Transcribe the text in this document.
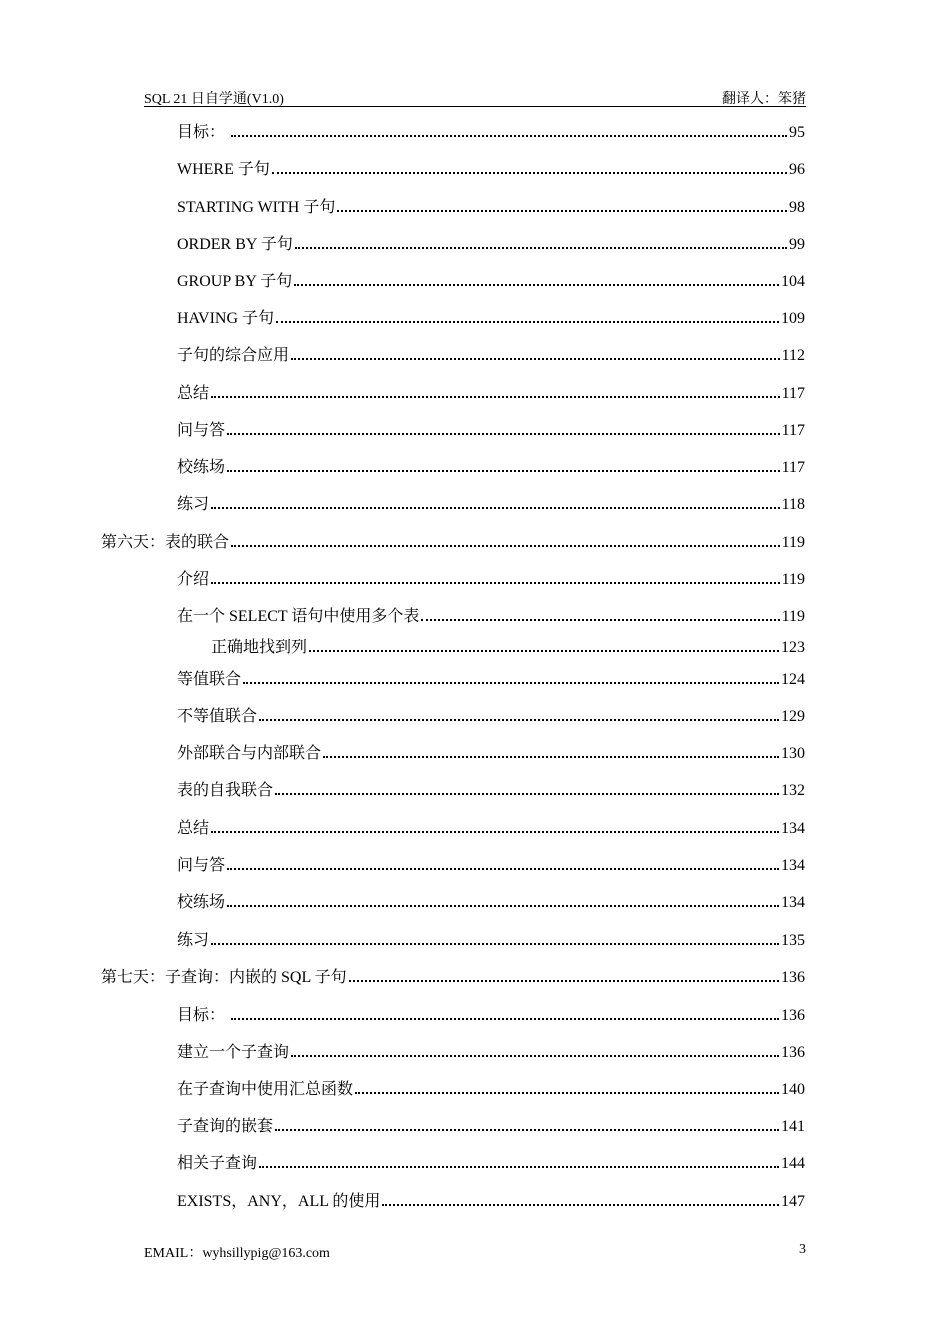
SQL 21 日自学通(V1.0)	翻译人：笨猪
目标：	95
WHERE 子句	96
STARTING WITH 子句	98
ORDER BY 子句	99
GROUP BY 子句	104
HAVING 子句	109
子句的综合应用	112
总结	117
问与答	117
校练场	117
练习	118
第六天：表的联合	119
介绍	119
在一个 SELECT 语句中使用多个表	119
正确地找到列	123
等值联合	124
不等值联合	129
外部联合与内部联合	130
表的自我联合	132
总结	134
问与答	134
校练场	134
练习	135
第七天：子查询：内嵌的 SQL 子句	136
目标：	136
建立一个子查询	136
在子查询中使用汇总函数	140
子查询的嵌套	141
相关子查询	144
EXISTS，ANY，ALL 的使用	147
EMAIL：wyhsillypig@163.com	3
